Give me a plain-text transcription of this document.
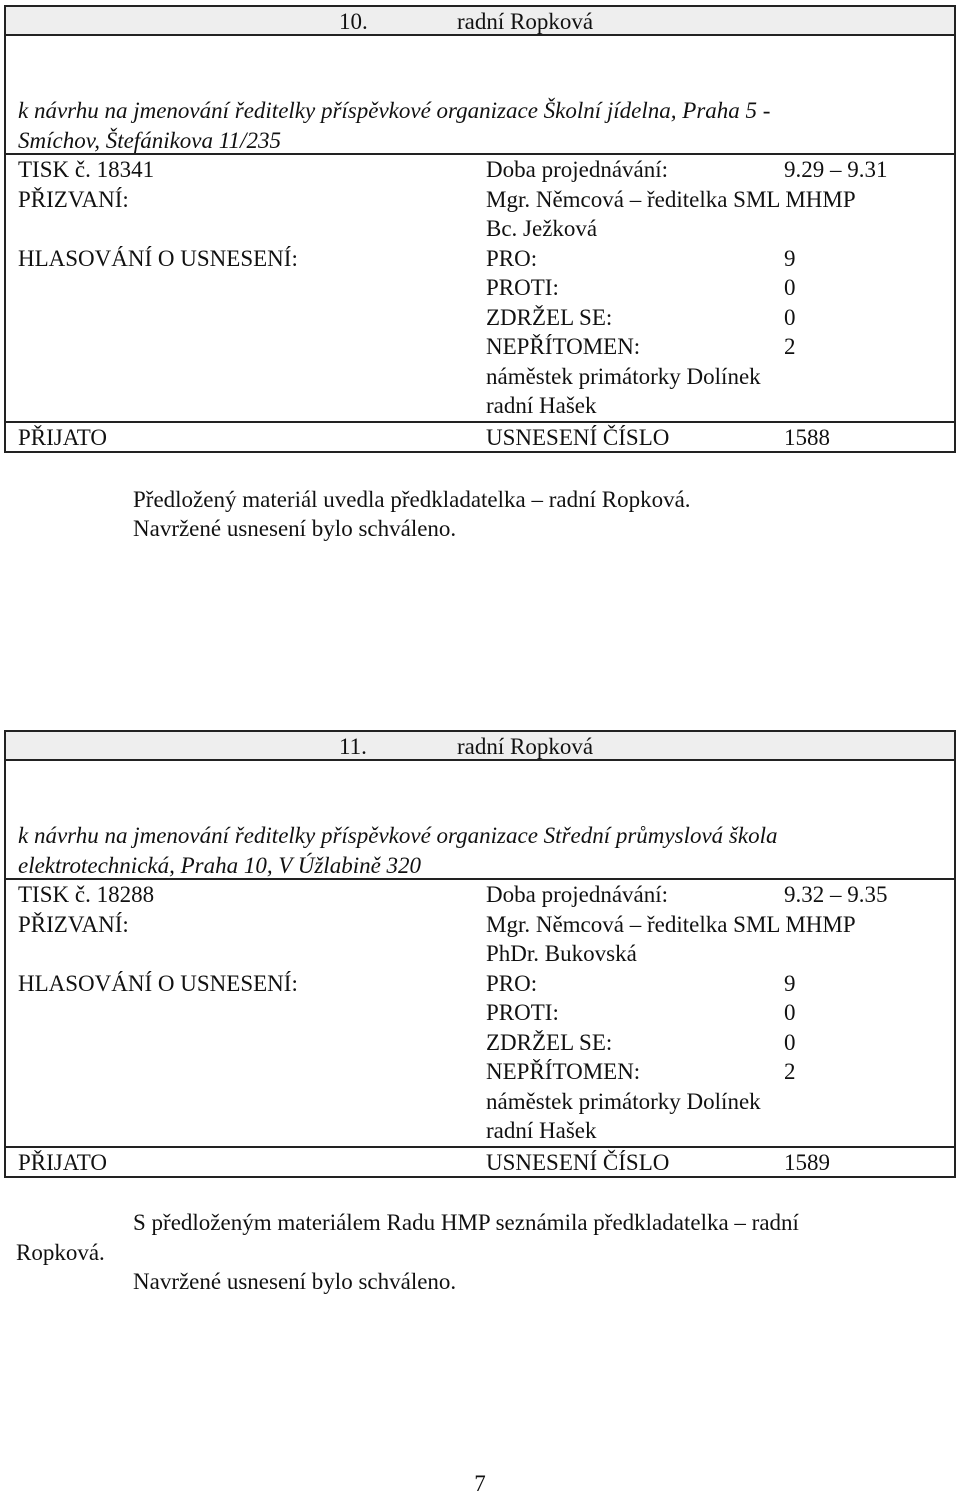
10.	radní Ropková
k návrhu na jmenování ředitelky příspěvkové organizace Školní jídelna, Praha 5 -
Smíchov, Štefánikova 11/235
TISK č. 18341	Doba projednávání:	9.29 – 9.31
PŘIZVANÍ:	Mgr. Němcová – ředitelka SML MHMP
Bc. Ježková
HLASOVÁNÍ O USNESENÍ:	PRO:	9
PROTI:	0
ZDRŽEL SE:	0
NEPŘÍTOMEN:	2
náměstek primátorky Dolínek
radní Hašek
PŘIJATO	USNESENÍ ČÍSLO	1588
Předložený materiál uvedla předkladatelka – radní Ropková.
Navržené usnesení bylo schváleno.
11.	radní Ropková
k návrhu na jmenování ředitelky příspěvkové organizace Střední průmyslová škola
elektrotechnická, Praha 10, V Úžlabině 320
TISK č. 18288	Doba projednávání:	9.32 – 9.35
PŘIZVANÍ:	Mgr. Němcová – ředitelka SML MHMP
PhDr. Bukovská
HLASOVÁNÍ O USNESENÍ:	PRO:	9
PROTI:	0
ZDRŽEL SE:	0
NEPŘÍTOMEN:	2
náměstek primátorky Dolínek
radní Hašek
PŘIJATO	USNESENÍ ČÍSLO	1589
S předloženým materiálem Radu HMP seznámila předkladatelka – radní
Ropková.
Navržené usnesení bylo schváleno.
7
